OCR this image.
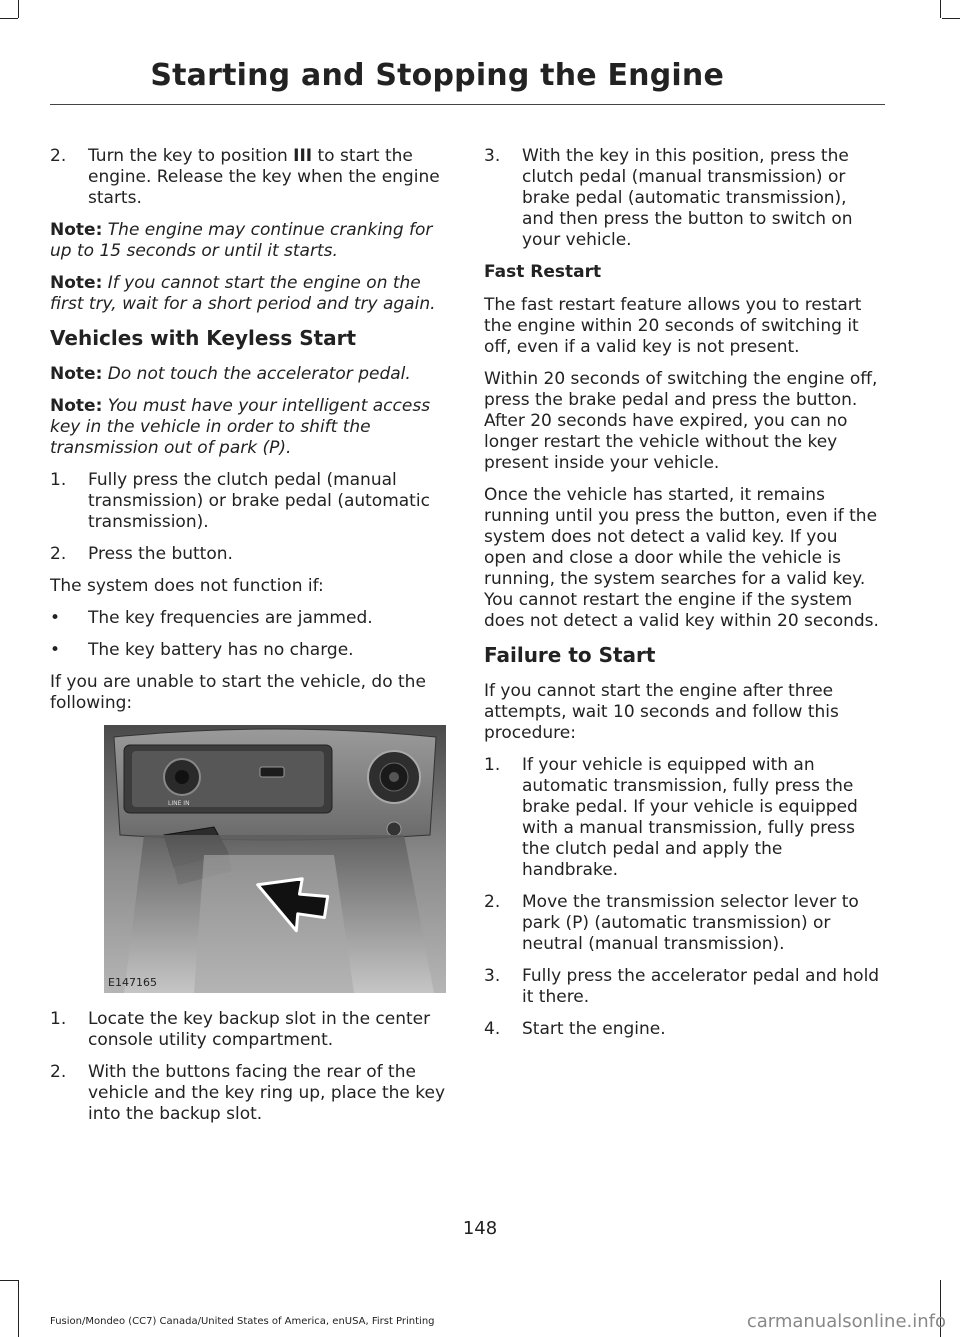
Starting and Stopping the Engine
2.	Turn the key to position III to start the engine. Release the key when the engine starts.

Note: The engine may continue cranking for up to 15 seconds or until it starts.

Note: If you cannot start the engine on the first try, wait for a short period and try again.

Vehicles with Keyless Start

Note: Do not touch the accelerator pedal.

Note: You must have your intelligent access key in the vehicle in order to shift the transmission out of park (P).

1.	Fully press the clutch pedal (manual transmission) or brake pedal (automatic transmission).
2.	Press the button.

The system does not function if:

•	The key frequencies are jammed.
•	The key battery has no charge.

If you are unable to start the vehicle, do the following:

LINE IN
E147165
1.	Locate the key backup slot in the center console utility compartment.
2.	With the buttons facing the rear of the vehicle and the key ring up, place the key into the backup slot.
3.	With the key in this position, press the clutch pedal (manual transmission) or brake pedal (automatic transmission), and then press the button to switch on your vehicle.
Fast Restart

The fast restart feature allows you to restart the engine within 20 seconds of switching it off, even if a valid key is not present.

Within 20 seconds of switching the engine off, press the brake pedal and press the button. After 20 seconds have expired, you can no longer restart the vehicle without the key present inside your vehicle.

Once the vehicle has started, it remains running until you press the button, even if the system does not detect a valid key. If you open and close a door while the vehicle is running, the system searches for a valid key. You cannot restart the engine if the system does not detect a valid key within 20 seconds.

Failure to Start

If you cannot start the engine after three attempts, wait 10 seconds and follow this procedure:

1.	If your vehicle is equipped with an automatic transmission, fully press the brake pedal. If your vehicle is equipped with a manual transmission, fully press the clutch pedal and apply the handbrake.
2.	Move the transmission selector lever to park (P) (automatic transmission) or neutral (manual transmission).
3.	Fully press the accelerator pedal and hold it there.
4.	Start the engine.
148
Fusion/Mondeo (CC7) Canada/United States of America, enUSA, First Printing	carmanualsonline.info
